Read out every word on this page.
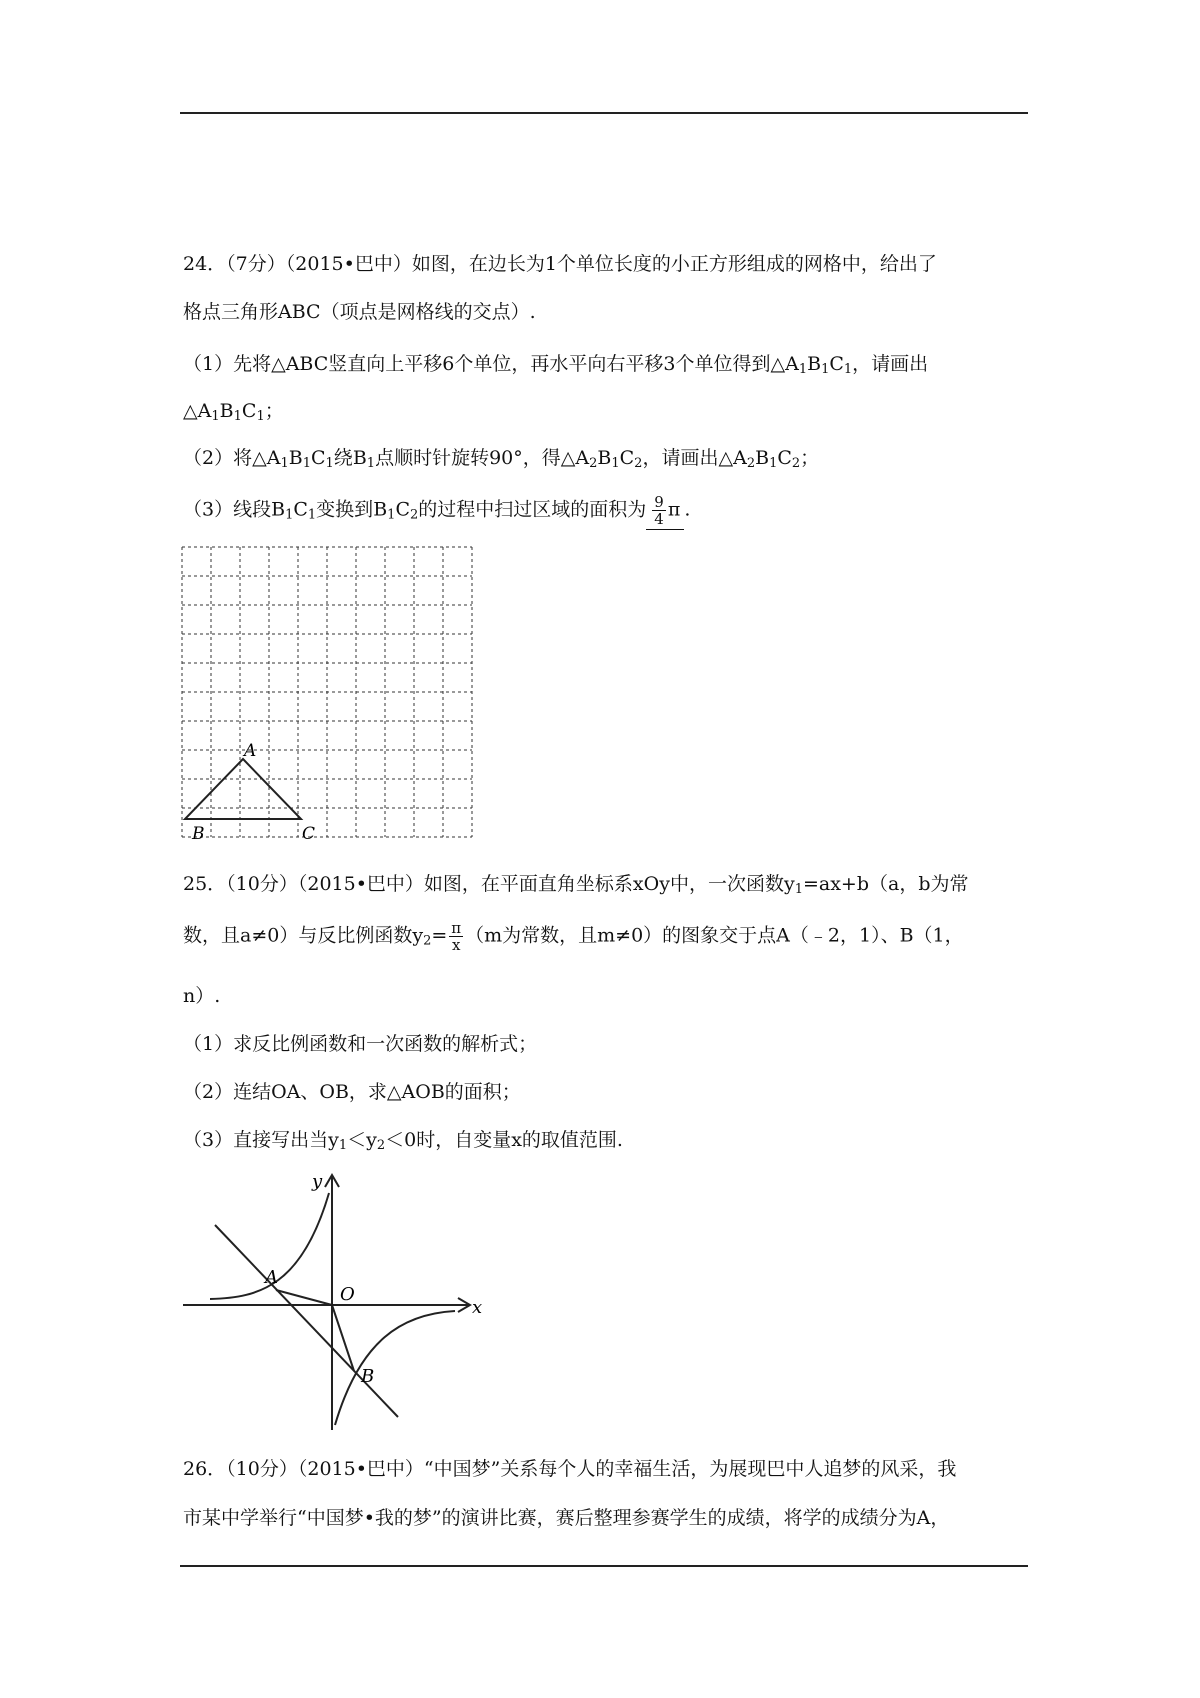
24．（7分）（2015•巴中）如图，在边长为1个单位长度的小正方形组成的网格中，给出了
格点三角形ABC（项点是网格线的交点）.
（1）先将△ABC竖直向上平移6个单位，再水平向右平移3个单位得到$\triangle A_1B_1C_1$，请画出
$\triangle A_1B_1C_1$；
（2）将$\triangle A_1B_1C_1$绕$B_1$点顺时针旋转90°，得$\triangle A_2B_1C_2$，请画出$\triangle A_2B_1C_2$；
（3）线段$B_1C_1$变换到$B_1C_2$的过程中扫过区域的面积为 $\frac{9}{4}$ π .
A
B	C
25．（10分）（2015•巴中）如图，在平面直角坐标系xOy中，一次函数$y_1=ax+b(a$，b为常
数，且a≠0）与反比例函数$y_2= \frac{\pi}{x} (m$为常数，且m≠0）的图象交于点A（﹣2，1）、B（1，
n）.
（1）求反比例函数和一次函数的解析式；
（2）连结OA、OB，求△AOB的面积；
（3）直接写出当$y_1<y_2<0$时，自变量x的取值范围.
y
x
O
A
B
26．（10分）（2015•巴中）“中国梦”关系每个人的幸福生活，为展现巴中人追梦的风采，我
市某中学举行“中国梦•我的梦”的演讲比赛，赛后整理参赛学生的成绩，将学的成绩分为A，
